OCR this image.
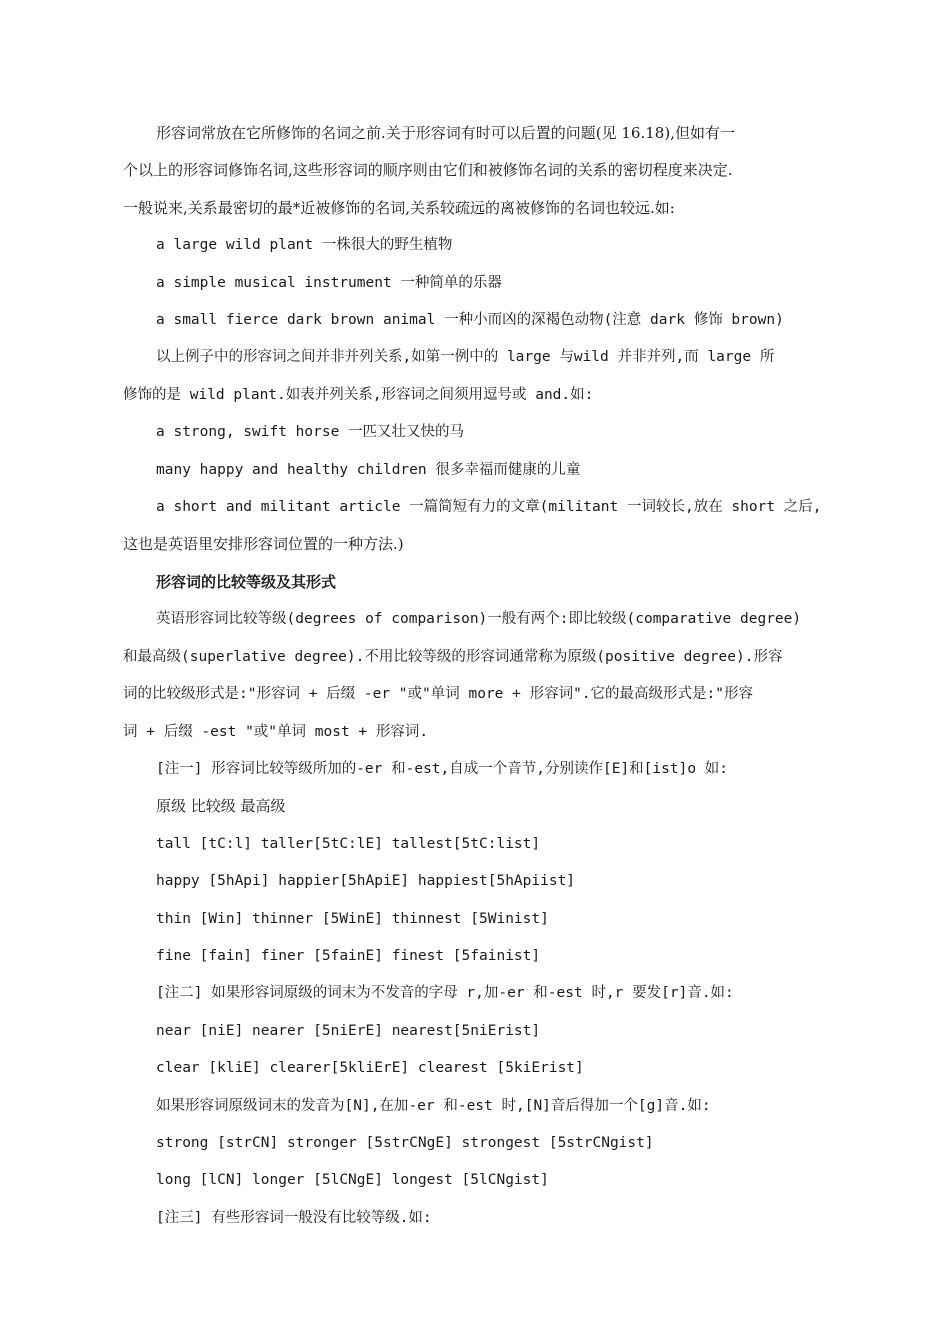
形容词常放在它所修饰的名词之前.关于形容词有时可以后置的问题(见 16.18),但如有一

个以上的形容词修饰名词,这些形容词的顺序则由它们和被修饰名词的关系的密切程度来决定.

一般说来,关系最密切的最*近被修饰的名词,关系较疏远的离被修饰的名词也较远.如:

a large wild plant 一株很大的野生植物

a simple musical instrument 一种简单的乐器

a small fierce dark brown animal 一种小而凶的深褐色动物(注意 dark 修饰 brown)

以上例子中的形容词之间并非并列关系,如第一例中的 large 与wild 并非并列,而 large 所

修饰的是 wild plant.如表并列关系,形容词之间须用逗号或 and.如:

a strong, swift horse 一匹又壮又快的马

many happy and healthy children 很多幸福而健康的儿童

a short and militant article 一篇简短有力的文章(militant 一词较长,放在 short 之后,

这也是英语里安排形容词位置的一种方法.)

形容词的比较等级及其形式

英语形容词比较等级(degrees of comparison)一般有两个:即比较级(comparative degree)

和最高级(superlative degree).不用比较等级的形容词通常称为原级(positive degree).形容

词的比较级形式是:"形容词 + 后缀 -er "或"单词 more + 形容词".它的最高级形式是:"形容

词 + 后缀 -est "或"单词 most + 形容词.

[注一] 形容词比较等级所加的-er 和-est,自成一个音节,分别读作[E]和[ist]o 如:

原级 比较级 最高级

tall [tC:l] taller[5tC:lE] tallest[5tC:list]

happy [5hApi] happier[5hApiE] happiest[5hApiist]

thin [Win] thinner [5WinE] thinnest [5Winist]

fine [fain] finer [5fainE] finest [5fainist]

[注二] 如果形容词原级的词末为不发音的字母 r,加-er 和-est 时,r 要发[r]音.如:

near [niE] nearer [5niErE] nearest[5niErist]

clear [kliE] clearer[5kliErE] clearest [5kiErist]

如果形容词原级词末的发音为[N],在加-er 和-est 时,[N]音后得加一个[g]音.如:

strong [strCN] stronger [5strCNgE] strongest [5strCNgist]

long [lCN] longer [5lCNgE] longest [5lCNgist]

[注三] 有些形容词一般没有比较等级.如:
